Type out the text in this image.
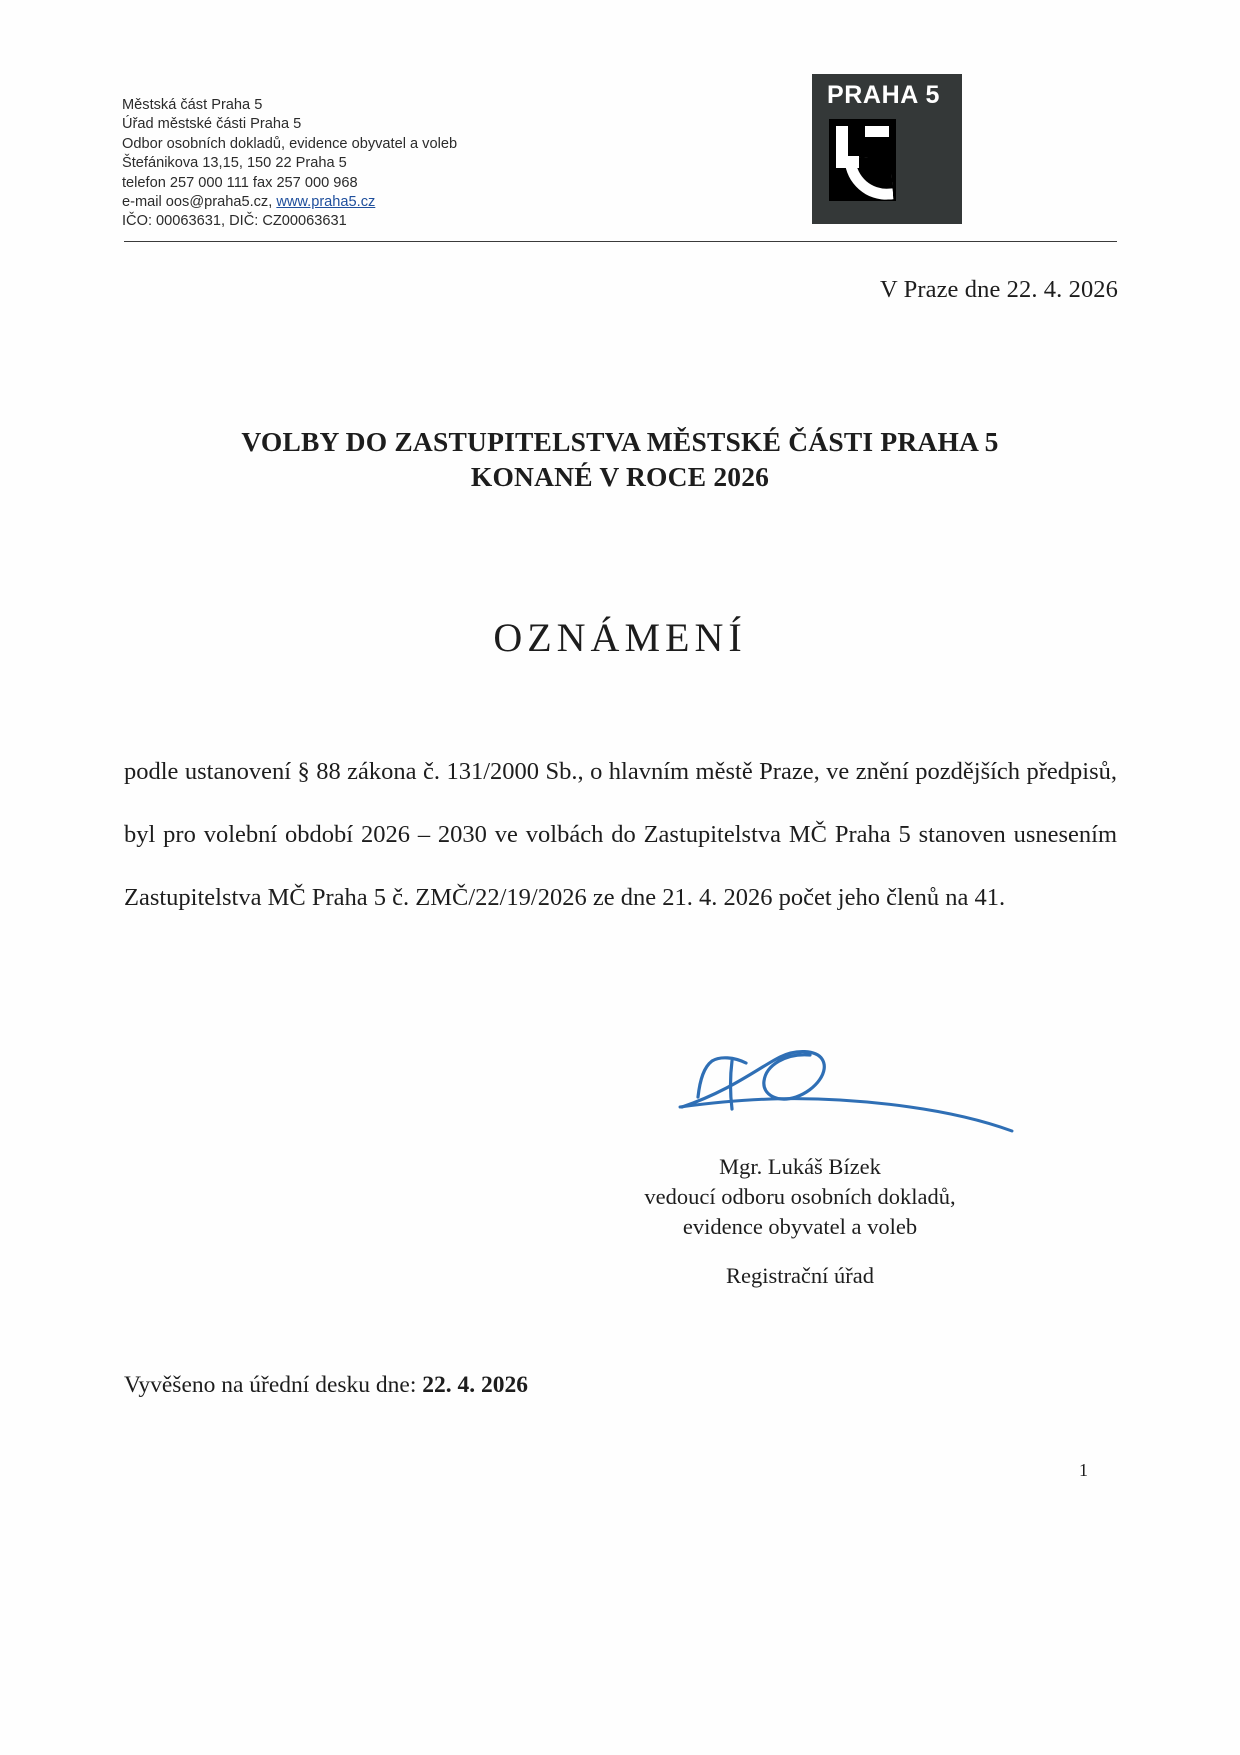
Městská část Praha 5
Úřad městské části Praha 5
Odbor osobních dokladů, evidence obyvatel a voleb
Štefánikova 13,15, 150 22 Praha 5
telefon 257 000 111 fax 257 000 968
e-mail oos@praha5.cz, www.praha5.cz
IČO: 00063631, DIČ: CZ00063631
PRAHA 5
V Praze dne 22. 4. 2026
VOLBY DO ZASTUPITELSTVA MĚSTSKÉ ČÁSTI PRAHA 5
KONANÉ V ROCE 2026
OZNÁMENÍ

podle ustanovení § 88 zákona č. 131/2000 Sb., o hlavním městě Praze, ve znění pozdějších předpisů, byl pro volební období 2026 – 2030 ve volbách do Zastupitelstva MČ Praha 5 stanoven usnesením Zastupitelstva MČ Praha 5 č. ZMČ/22/19/2026 ze dne 21. 4. 2026 počet jeho členů na 41.

Mgr. Lukáš Bízek
vedoucí odboru osobních dokladů,
evidence obyvatel a voleb
Registrační úřad
Vyvěšeno na úřední desku dne: 22. 4. 2026
1
